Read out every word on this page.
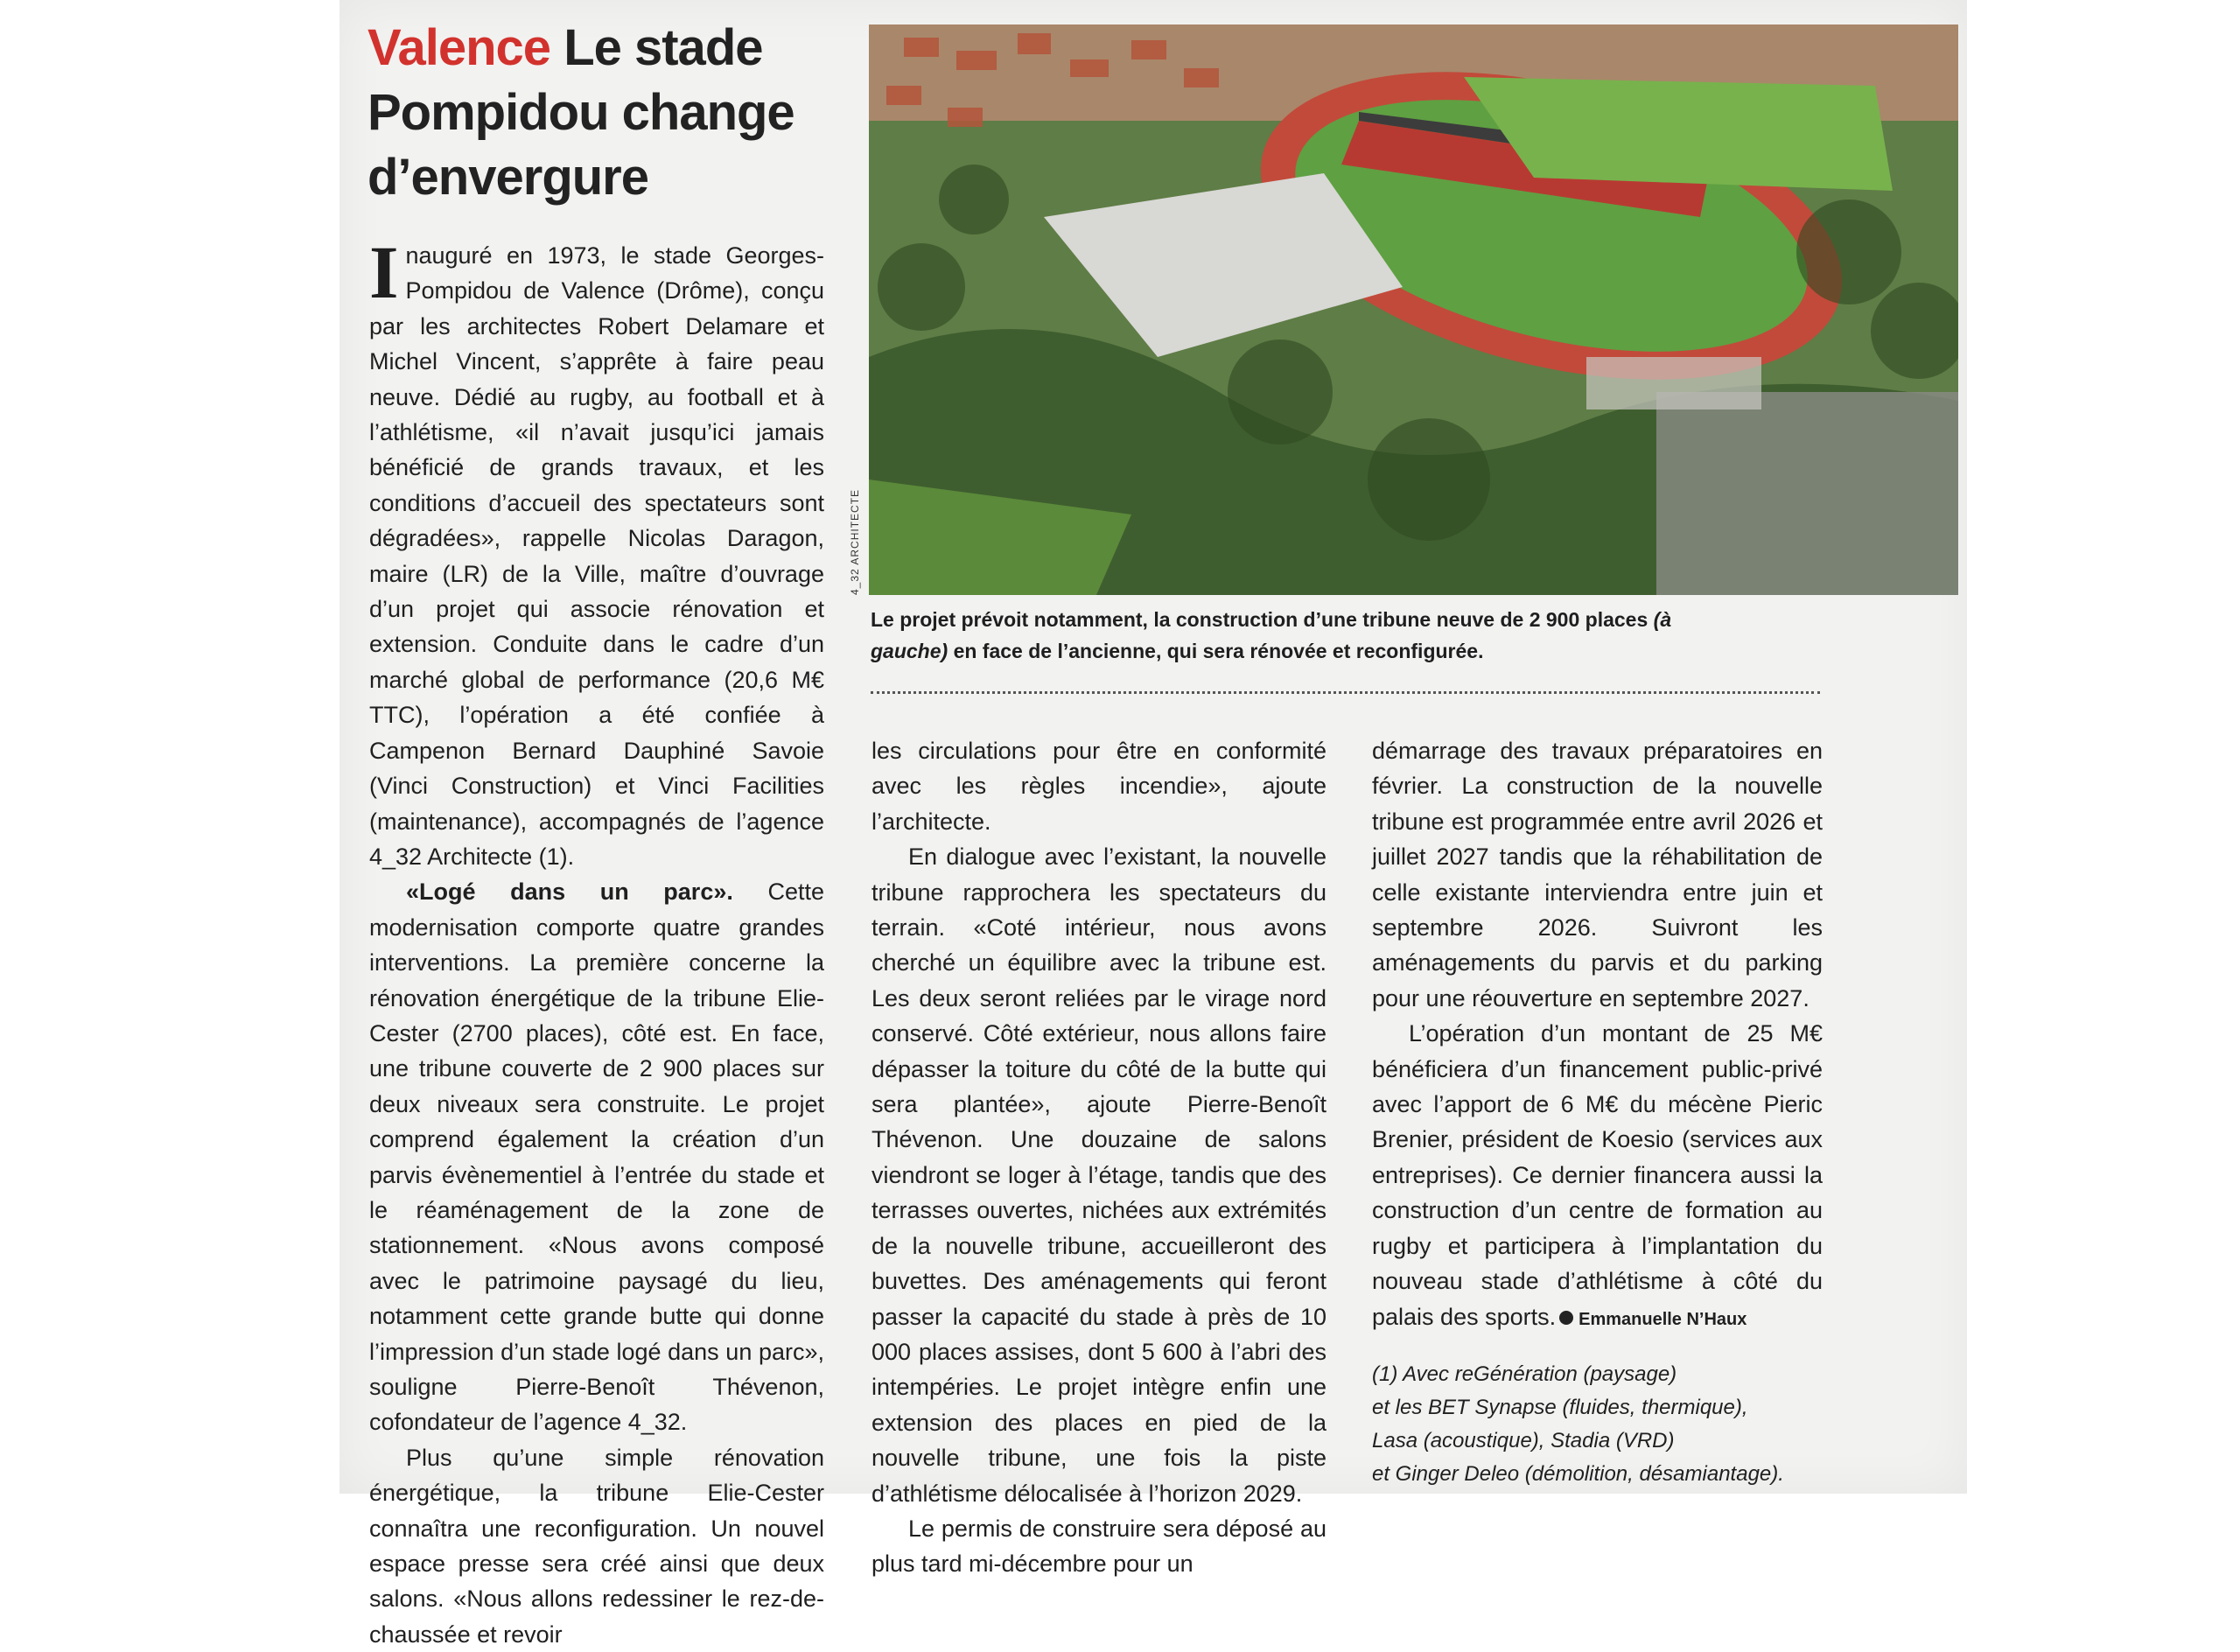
Valence Le stade Pompidou change d’envergure
4_32 ARCHITECTE
Le projet prévoit notamment, la construction d’une tribune neuve de 2 900 places (à gauche) en face de l’ancienne, qui sera rénovée et reconfigurée.

Inauguré en 1973, le stade Georges-Pompidou de Valence (Drôme), conçu par les architectes Robert Delamare et Michel Vincent, s’apprête à faire peau neuve. Dédié au rugby, au football et à l’athlétisme, «il n’avait jusqu’ici jamais bénéficié de grands travaux, et les conditions d’accueil des spectateurs sont dégradées», rappelle Nicolas Daragon, maire (LR) de la Ville, maître d’ouvrage d’un projet qui associe rénovation et extension. Conduite dans le cadre d’un marché global de performance (20,6 M€ TTC), l’opération a été confiée à Campenon Bernard Dauphiné Savoie (Vinci Construction) et Vinci Facilities (maintenance), accompagnés de l’agence 4_32 Architecte (1).

«Logé dans un parc». Cette modernisation comporte quatre grandes interventions. La première concerne la rénovation énergétique de la tribune Elie-Cester (2700 places), côté est. En face, une tribune couverte de 2 900 places sur deux niveaux sera construite. Le projet comprend également la création d’un parvis évènementiel à l’entrée du stade et le réaménagement de la zone de stationnement. «Nous avons composé avec le patrimoine paysagé du lieu, notamment cette grande butte qui donne l’impression d’un stade logé dans un parc», souligne Pierre-Benoît Thévenon, cofondateur de l’agence 4_32.

Plus qu’une simple rénovation énergétique, la tribune Elie-Cester connaîtra une reconfiguration. Un nouvel espace presse sera créé ainsi que deux salons. «Nous allons redessiner le rez-de-chaussée et revoir

les circulations pour être en conformité avec les règles incendie», ajoute l’architecte.

En dialogue avec l’existant, la nouvelle tribune rapprochera les spectateurs du terrain. «Coté intérieur, nous avons cherché un équilibre avec la tribune est. Les deux seront reliées par le virage nord conservé. Côté extérieur, nous allons faire dépasser la toiture du côté de la butte qui sera plantée», ajoute Pierre-Benoît Thévenon. Une douzaine de salons viendront se loger à l’étage, tandis que des terrasses ouvertes, nichées aux extrémités de la nouvelle tribune, accueilleront des buvettes. Des aménagements qui feront passer la capacité du stade à près de 10 000 places assises, dont 5 600 à l’abri des intempéries. Le projet intègre enfin une extension des places en pied de la nouvelle tribune, une fois la piste d’athlétisme délocalisée à l’horizon 2029.

Le permis de construire sera déposé au plus tard mi-décembre pour un

démarrage des travaux préparatoires en février. La construction de la nouvelle tribune est programmée entre avril 2026 et juillet 2027 tandis que la réhabilitation de celle existante interviendra entre juin et septembre 2026. Suivront les aménagements du parvis et du parking pour une réouverture en septembre 2027.

L’opération d’un montant de 25 M€ bénéficiera d’un financement public-privé avec l’apport de 6 M€ du mécène Pieric Brenier, président de Koesio (services aux entreprises). Ce dernier financera aussi la construction d’un centre de formation au rugby et participera à l’implantation du nouveau stade d’athlétisme à côté du palais des sports. Emmanuelle N’Haux

(1) Avec reGénération (paysage)
et les BET Synapse (fluides, thermique),
Lasa (acoustique), Stadia (VRD)
et Ginger Deleo (démolition, désamiantage).
